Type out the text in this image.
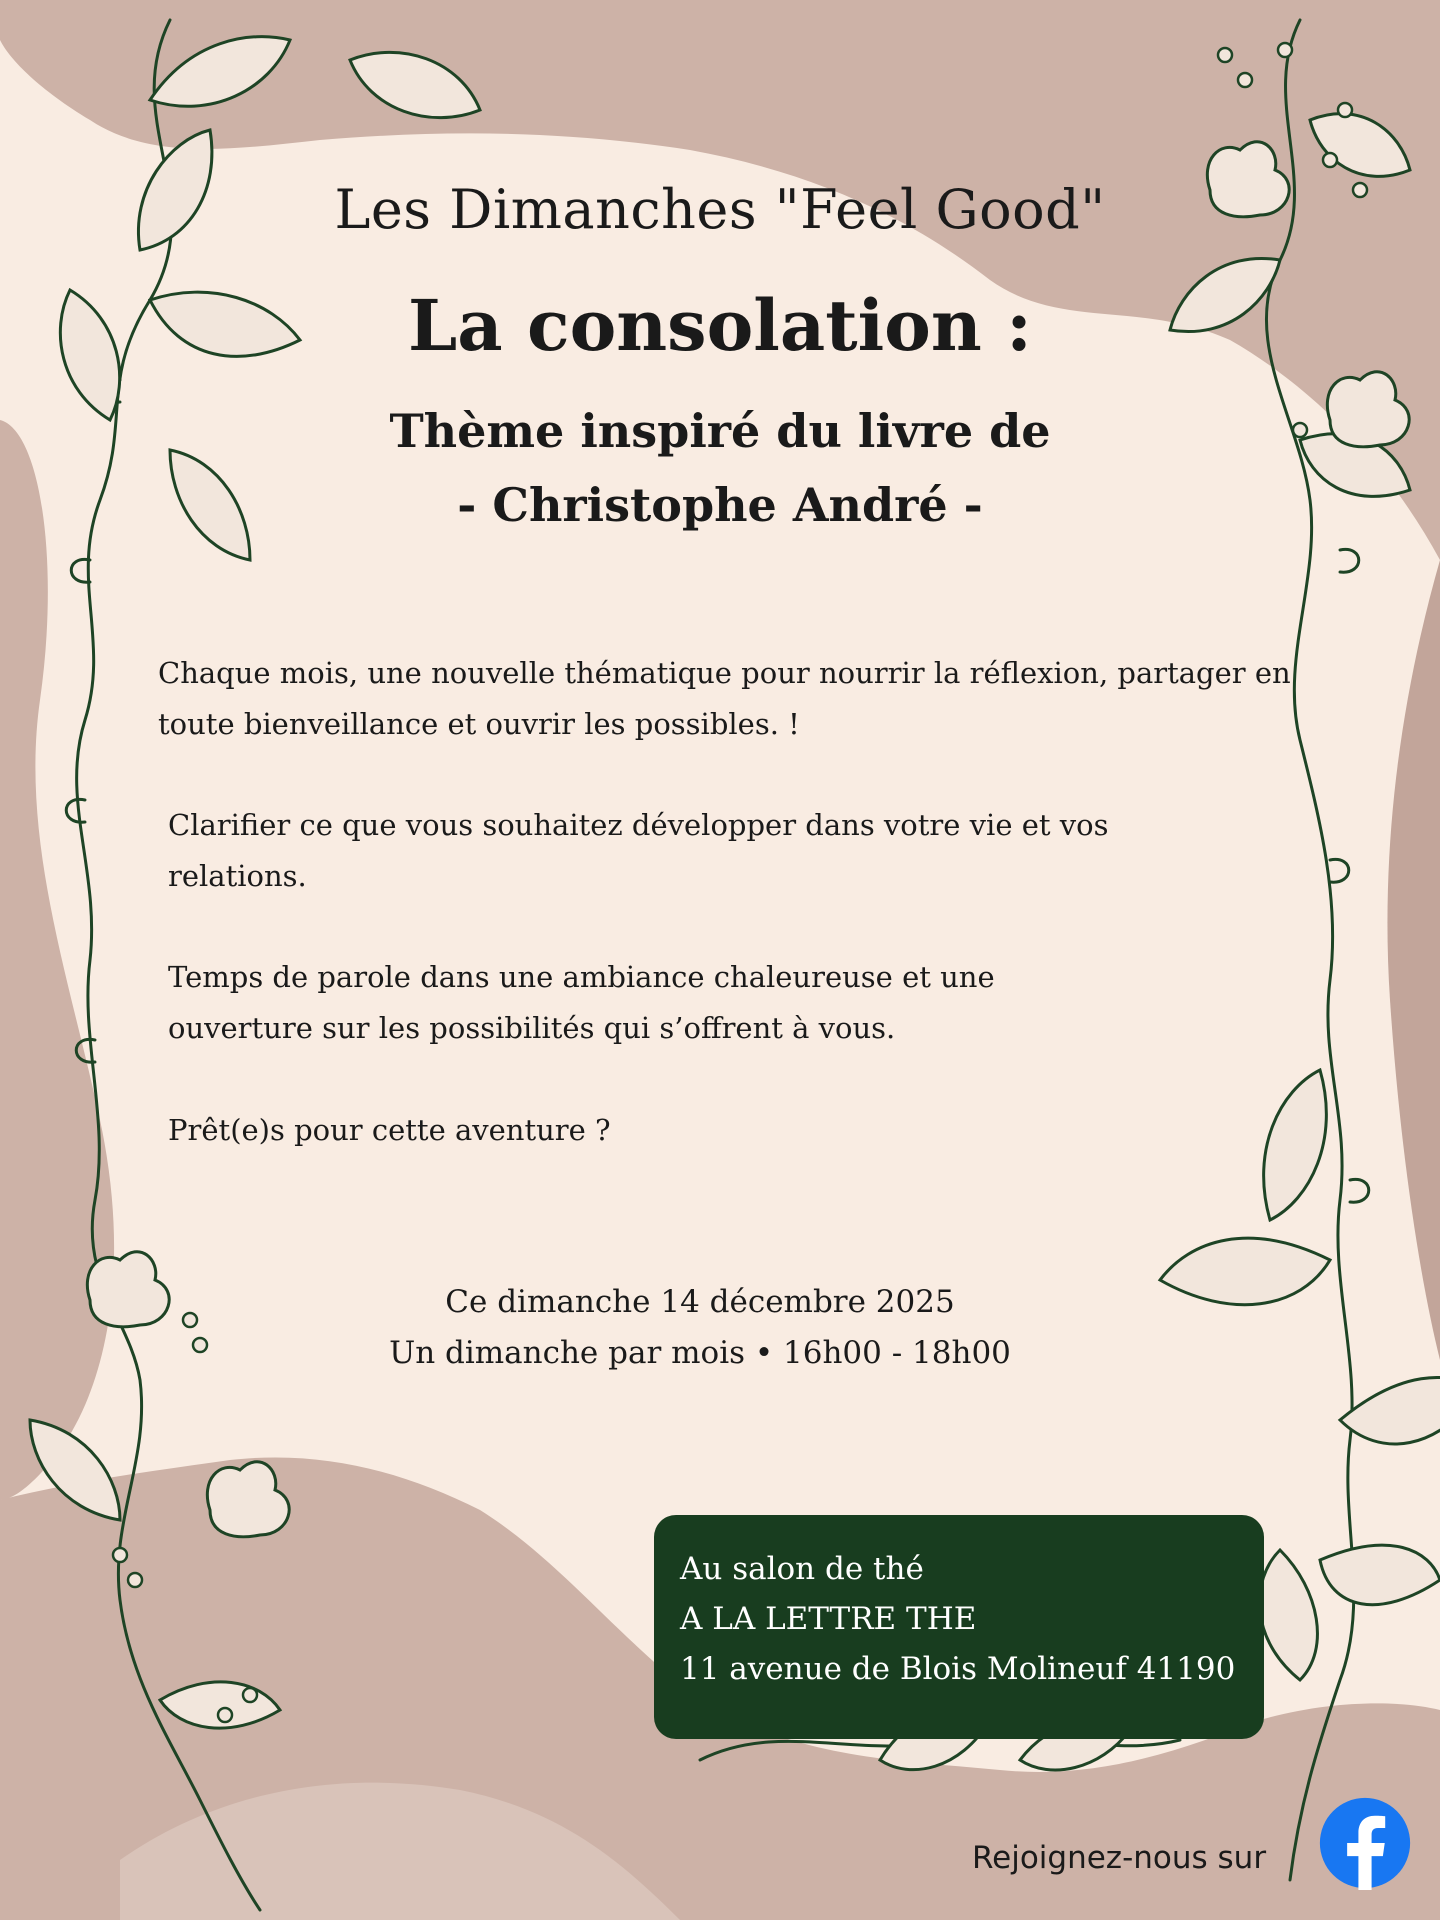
Les Dimanches "Feel Good"
La consolation :
Thème inspiré du livre de
- Christophe André -

Chaque mois, une nouvelle thématique pour nourrir la réflexion, partager en toute bienveillance et ouvrir les possibles. !

Clarifier ce que vous souhaitez développer dans votre vie et vos relations.

Temps de parole dans une ambiance chaleureuse et une ouverture sur les possibilités qui s’offrent à vous.

Prêt(e)s pour cette aventure ?

Ce dimanche 14 décembre 2025

Un dimanche par mois • 16h00 - 18h00

Au salon de thé

A LA LETTRE THE

11 avenue de Blois Molineuf 41190

Rejoignez-nous sur
